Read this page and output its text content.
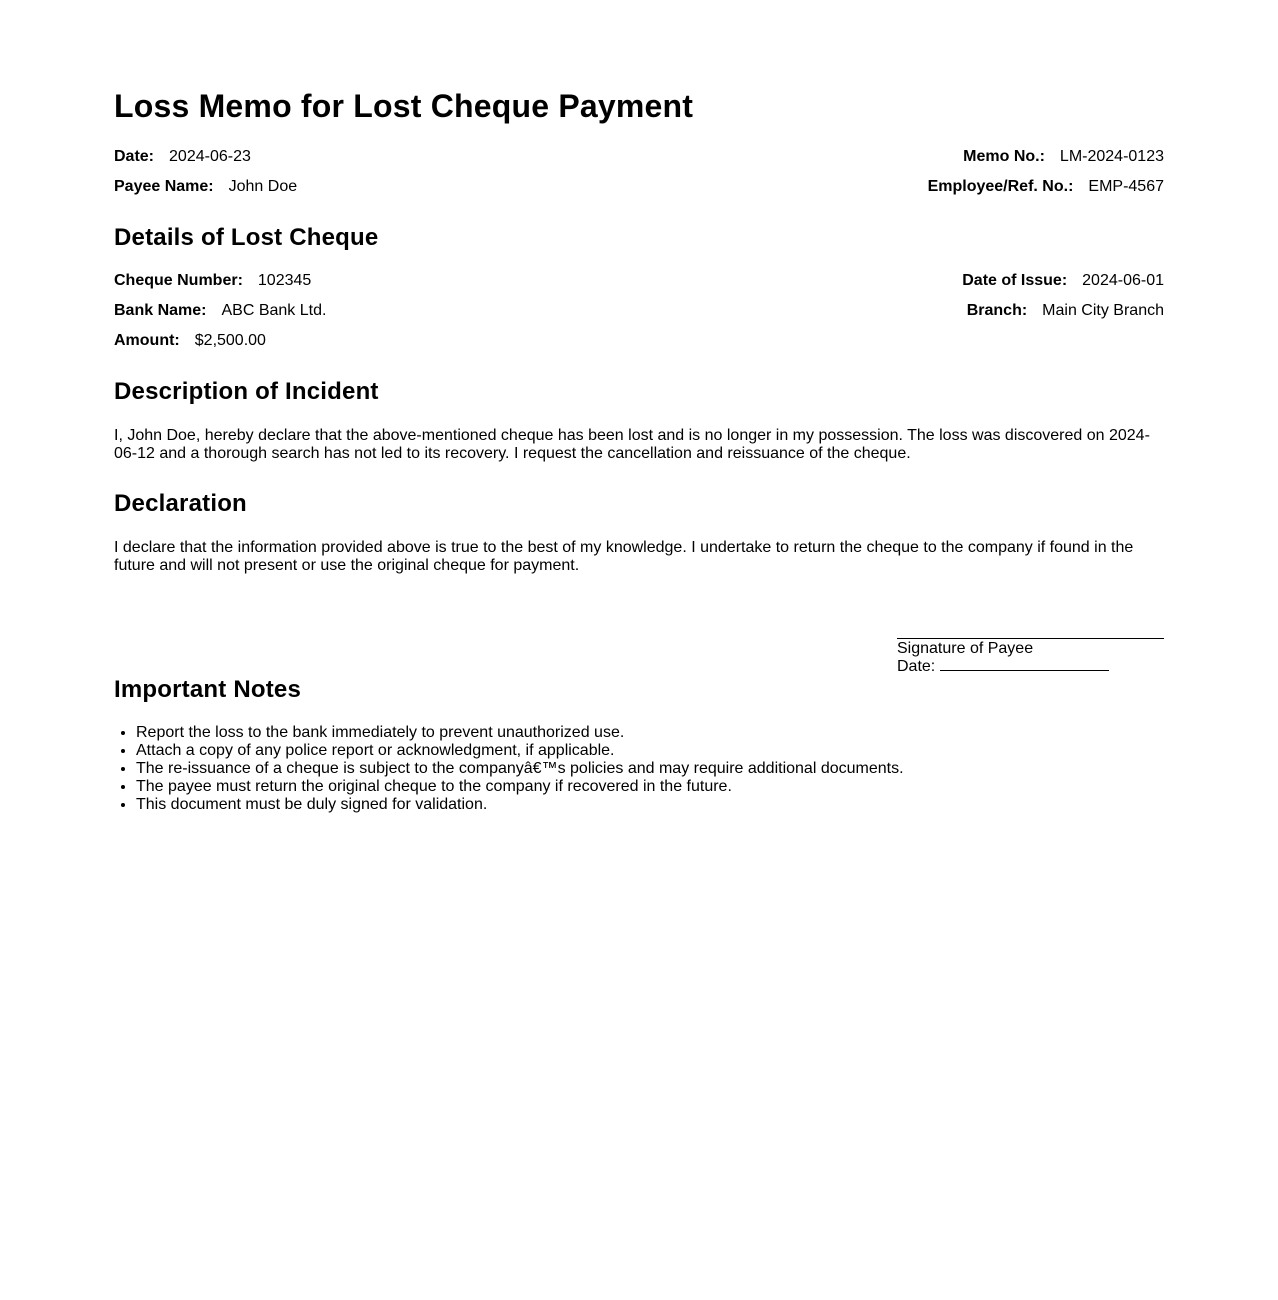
Loss Memo for Lost Cheque Payment
Date: 2024-06-23	Memo No.: LM-2024-0123
Payee Name: John Doe	Employee/Ref. No.: EMP-4567
Details of Lost Cheque
Cheque Number: 102345	Date of Issue: 2024-06-01
Bank Name: ABC Bank Ltd.	Branch: Main City Branch
Amount: $2,500.00
Description of Incident

I, John Doe, hereby declare that the above-mentioned cheque has been lost and is no longer in my possession. The loss was discovered on 2024-06-12 and a thorough search has not led to its recovery. I request the cancellation and reissuance of the cheque.

Declaration

I declare that the information provided above is true to the best of my knowledge. I undertake to return the cheque to the company if found in the future and will not present or use the original cheque for payment.

Signature of Payee
Date:
Important Notes
• Report the loss to the bank immediately to prevent unauthorized use.
• Attach a copy of any police report or acknowledgment, if applicable.
• The re-issuance of a cheque is subject to the companyâ€™s policies and may require additional documents.
• The payee must return the original cheque to the company if recovered in the future.
• This document must be duly signed for validation.
